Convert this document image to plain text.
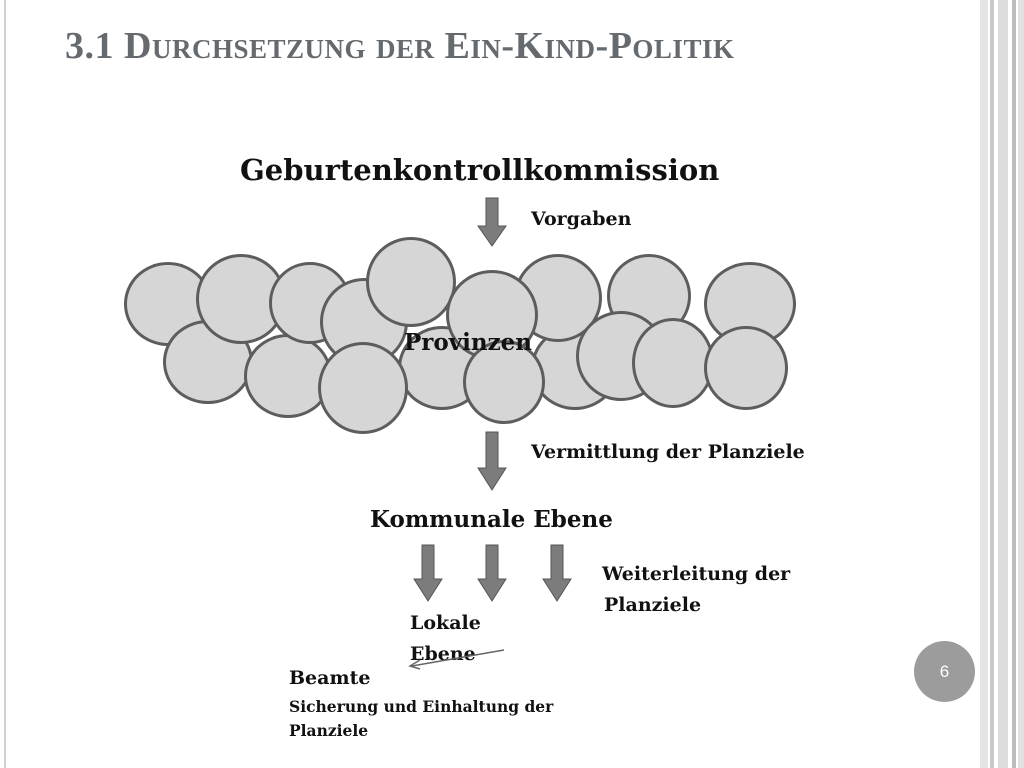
3.1 Durchsetzung der Ein-Kind-Politik
Geburtenkontrollkommission
Vorgaben
Provinzen
Vermittlung der Planziele
Kommunale Ebene
Weiterleitung der
Planziele
Lokale
Ebene
Beamte
Sicherung und Einhaltung der
Planziele
6
